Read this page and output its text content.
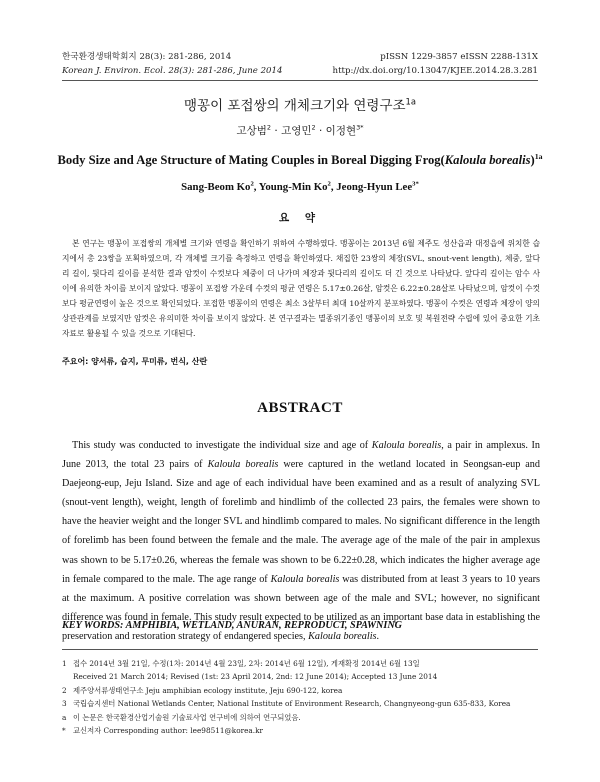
한국환경생태학회지 28(3): 281-286, 2014
Korean J. Environ. Ecol. 28(3): 281-286, June 2014
pISSN 1229-3857 eISSN 2288-131X
http://dx.doi.org/10.13047/KJEE.2014.28.3.281
맹꽁이 포접쌍의 개체크기와 연령구조$^{1a}$
고상범$^2$ · 고영민$^2$ · 이정현$^{3*}$
Body Size and Age Structure of Mating Couples in Boreal Digging Frog(Kaloula borealis)$^{1a}$
Sang-Beom Ko$^2$, Young-Min Ko$^2$, Jeong-Hyun Lee$^{3*}$
요 약

본 연구는 맹꽁이 포접쌍의 개체별 크기와 연령을 확인하기 위하여 수행하였다. 맹꽁이는 2013년 6월 제주도 성산읍과 대정읍에 위치한 습지에서 총 23쌍을 포획하였으며, 각 개체별 크기를 측정하고 연령을 확인하였다. 채집한 23쌍의 체장(SVL, snout-vent length), 체중, 앞다리 길이, 뒷다리 길이를 분석한 결과 암컷이 수컷보다 체중이 더 나가며 체장과 뒷다리의 길이도 더 긴 것으로 나타났다. 앞다리 길이는 암수 사이에 유의한 차이를 보이지 않았다. 맹꽁이 포접쌍 가운데 수컷의 평균 연령은 5.17±0.26살, 암컷은 6.22±0.28살로 나타났으며, 암컷이 수컷보다 평균연령이 높은 것으로 확인되었다. 포접한 맹꽁이의 연령은 최소 3살부터 최대 10살까지 분포하였다. 맹꽁이 수컷은 연령과 체장이 양의 상관관계를 보였지만 암컷은 유의미한 차이를 보이지 않았다. 본 연구결과는 멸종위기종인 맹꽁이의 보호 및 복원전략 수립에 있어 중요한 기초자료로 활용될 수 있을 것으로 기대된다.

주요어: 양서류, 습지, 무미류, 번식, 산란
ABSTRACT

This study was conducted to investigate the individual size and age of Kaloula borealis, a pair in amplexus. In June 2013, the total 23 pairs of Kaloula borealis were captured in the wetland located in Seongsan-eup and Daejeong-eup, Jeju Island. Size and age of each individual have been examined and as a result of analyzing SVL (snout-vent length), weight, length of forelimb and hindlimb of the collected 23 pairs, the females were shown to have the heavier weight and the longer SVL and hindlimb compared to males. No significant difference in the length of forelimb has been found between the female and the male. The average age of the male of the pair in amplexus was shown to be 5.17±0.26, whereas the female was shown to be 6.22±0.28, which indicates the higher average age in female compared to the male. The age range of Kaloula borealis was distributed from at least 3 years to 10 years at the maximum. A positive correlation was shown between age of the male and SVL; however, no significant difference was found in female. This study result expected to be utilized as an important base data in establishing the preservation and restoration strategy of endangered species, Kaloula borealis.

KEY WORDS: AMPHIBIA, WETLAND, ANURAN, REPRODUCT, SPAWNING
1 접수 2014년 3월 21일, 수정(1차: 2014년 4월 23일, 2차: 2014년 6월 12일), 게재확정 2014년 6월 13일
Received 21 March 2014; Revised (1st: 23 April 2014, 2nd: 12 June 2014); Accepted 13 June 2014
2 제주양서류생태연구소 Jeju amphibian ecology institute, Jeju 690-122, korea
3 국립습지센터 National Wetlands Center, National Institute of Environment Research, Changnyeong-gun 635-833, Korea
a 이 논문은 한국환경산업기술원 기술료사업 연구비에 의하여 연구되었음.
* 교신저자 Corresponding author: lee98511@korea.kr
